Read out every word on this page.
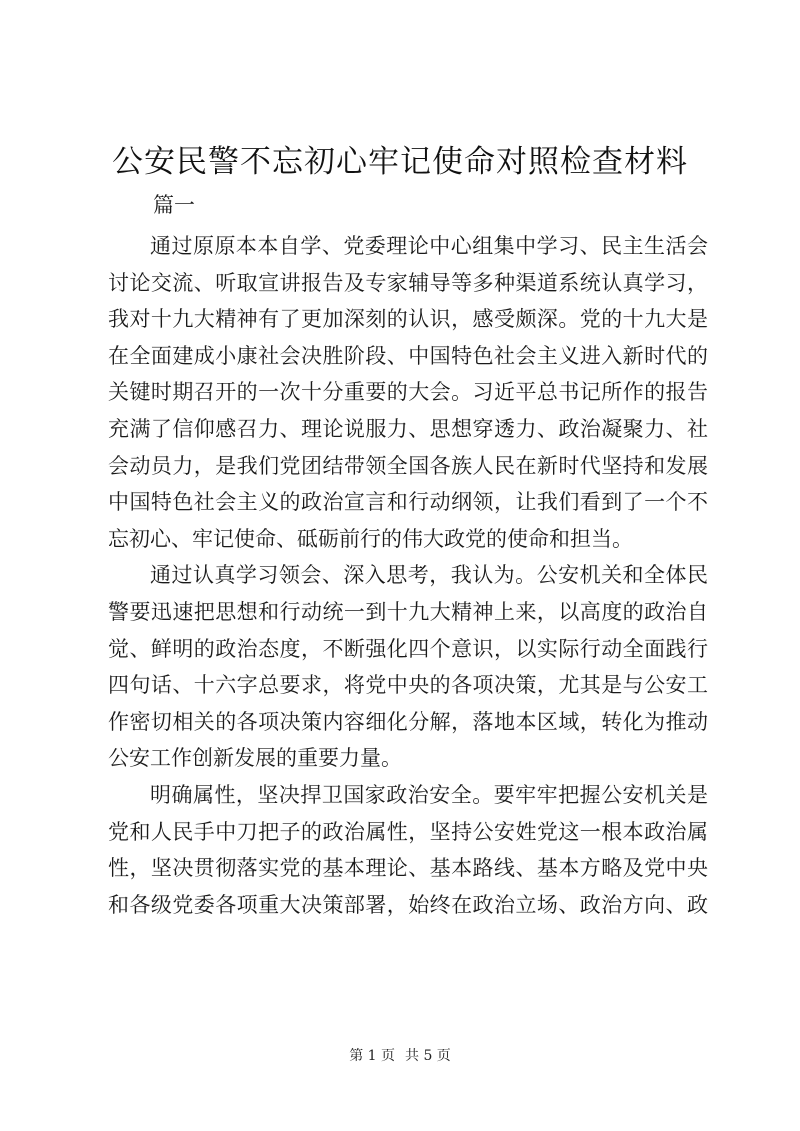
公安民警不忘初心牢记使命对照检查材料
篇一
通过原原本本自学、党委理论中心组集中学习、民主生活会
讨论交流、听取宣讲报告及专家辅导等多种渠道系统认真学习，
我对十九大精神有了更加深刻的认识，感受颇深。党的十九大是
在全面建成小康社会决胜阶段、中国特色社会主义进入新时代的
关键时期召开的一次十分重要的大会。习近平总书记所作的报告
充满了信仰感召力、理论说服力、思想穿透力、政治凝聚力、社
会动员力，是我们党团结带领全国各族人民在新时代坚持和发展
中国特色社会主义的政治宣言和行动纲领，让我们看到了一个不
忘初心、牢记使命、砥砺前行的伟大政党的使命和担当。
通过认真学习领会、深入思考，我认为。公安机关和全体民
警要迅速把思想和行动统一到十九大精神上来，以高度的政治自
觉、鲜明的政治态度，不断强化四个意识，以实际行动全面践行
四句话、十六字总要求，将党中央的各项决策，尤其是与公安工
作密切相关的各项决策内容细化分解，落地本区域，转化为推动
公安工作创新发展的重要力量。
明确属性，坚决捍卫国家政治安全。要牢牢把握公安机关是
党和人民手中刀把子的政治属性，坚持公安姓党这一根本政治属
性，坚决贯彻落实党的基本理论、基本路线、基本方略及党中央
和各级党委各项重大决策部署，始终在政治立场、政治方向、政
第 1 页 共 5 页
